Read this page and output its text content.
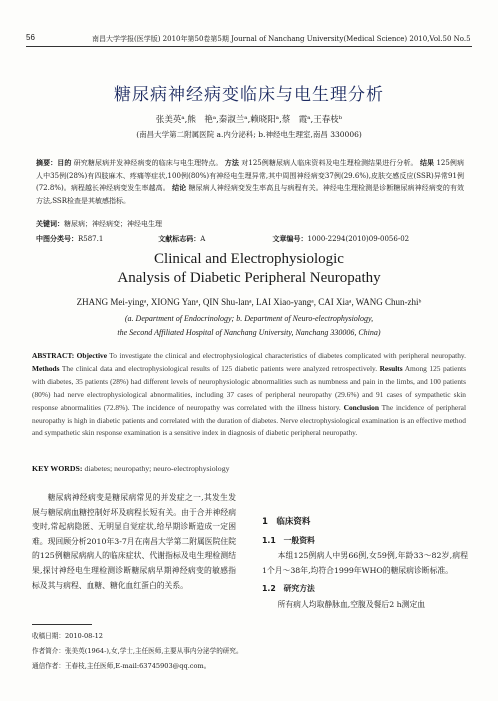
56	南昌大学学报(医学版) 2010年第50卷第5期 Journal of Nanchang University(Medical Science) 2010,Vol.50 No.5
糖尿病神经病变临床与电生理分析
张美英ᵃ,熊　艳ᵃ,秦淑兰ᵃ,赖晓阳ᵃ,蔡　霞ᵃ,王春枝ᵇ
(南昌大学第二附属医院 a.内分泌科; b.神经电生理室,南昌 330006)
摘要：目的 研究糖尿病并发神经病变的临床与电生理特点。 方法 对125例糖尿病人临床资料及电生理检测结果进行分析。 结果 125例病人中35例(28%)有四肢麻木、疼痛等症状,100例(80%)有神经电生理异常,其中周围神经病变37例(29.6%),皮肤交感反应(SSR)异常91例(72.8%)。病程越长神经病变发生率越高。 结论 糖尿病人神经病变发生率高且与病程有关。神经电生理检测是诊断糖尿病神经病变的有效方法,SSR检查是其敏感指标。
关键词：糖尿病；神经病变；神经电生理
中图分类号：R587.1	文献标志码：A	文章编号：1000-2294(2010)09-0056-02
Clinical and Electrophysiologic
Analysis of Diabetic Peripheral Neuropathy
ZHANG Mei-yingᵃ, XIONG Yanᵃ, QIN Shu-lanᵃ, LAI Xiao-yangᵃ, CAI Xiaᵃ, WANG Chun-zhiᵇ
(a. Department of Endocrinology; b. Department of Neuro-electrophysiology,
the Second Affiliated Hospital of Nanchang University, Nanchang 330006, China)
ABSTRACT: Objective To investigate the clinical and electrophysiological characteristics of diabetes complicated with peripheral neuropathy. Methods The clinical data and electrophysiological results of 125 diabetic patients were analyzed retrospectively. Results Among 125 patients with diabetes, 35 patients (28%) had different levels of neurophysiologic abnormalities such as numbness and pain in the limbs, and 100 patients (80%) had nerve electrophysiological abnormalities, including 37 cases of peripheral neuropathy (29.6%) and 91 cases of sympathetic skin response abnormalities (72.8%). The incidence of neuropathy was correlated with the illness history. Conclusion The incidence of peripheral neuropathy is high in diabetic patients and correlated with the duration of diabetes. Nerve electrophysiological examination is an effective method and sympathetic skin response examination is a sensitive index in diagnosis of diabetic peripheral neuropathy.
KEY WORDS: diabetes; neuropathy; neuro-electrophysiology
糖尿病神经病变是糖尿病常见的并发症之一,其发生发展与糖尿病血糖控制好坏及病程长短有关。由于合并神经病变时,常起病隐匿、无明显自觉症状,给早期诊断造成一定困难。现回顾分析2010年3-7月在南昌大学第二附属医院住院的125例糖尿病病人的临床症状、代谢指标及电生理检测结果,探讨神经电生理检测诊断糖尿病早期神经病变的敏感指标及其与病程、血糖、糖化血红蛋白的关系。
1　临床资料
1.1　一般资料
本组125例病人中男66例,女59例,年龄33～82岁,病程1个月～38年,均符合1999年WHO的糖尿病诊断标准。
1.2　研究方法
所有病人均取静脉血,空腹及餐后2 h测定血
收稿日期：2010-08-12
作者简介：张美英(1964-),女,学士,主任医师,主要从事内分泌学的研究。
通信作者：王春枝,主任医师,E-mail:63745903@qq.com。
